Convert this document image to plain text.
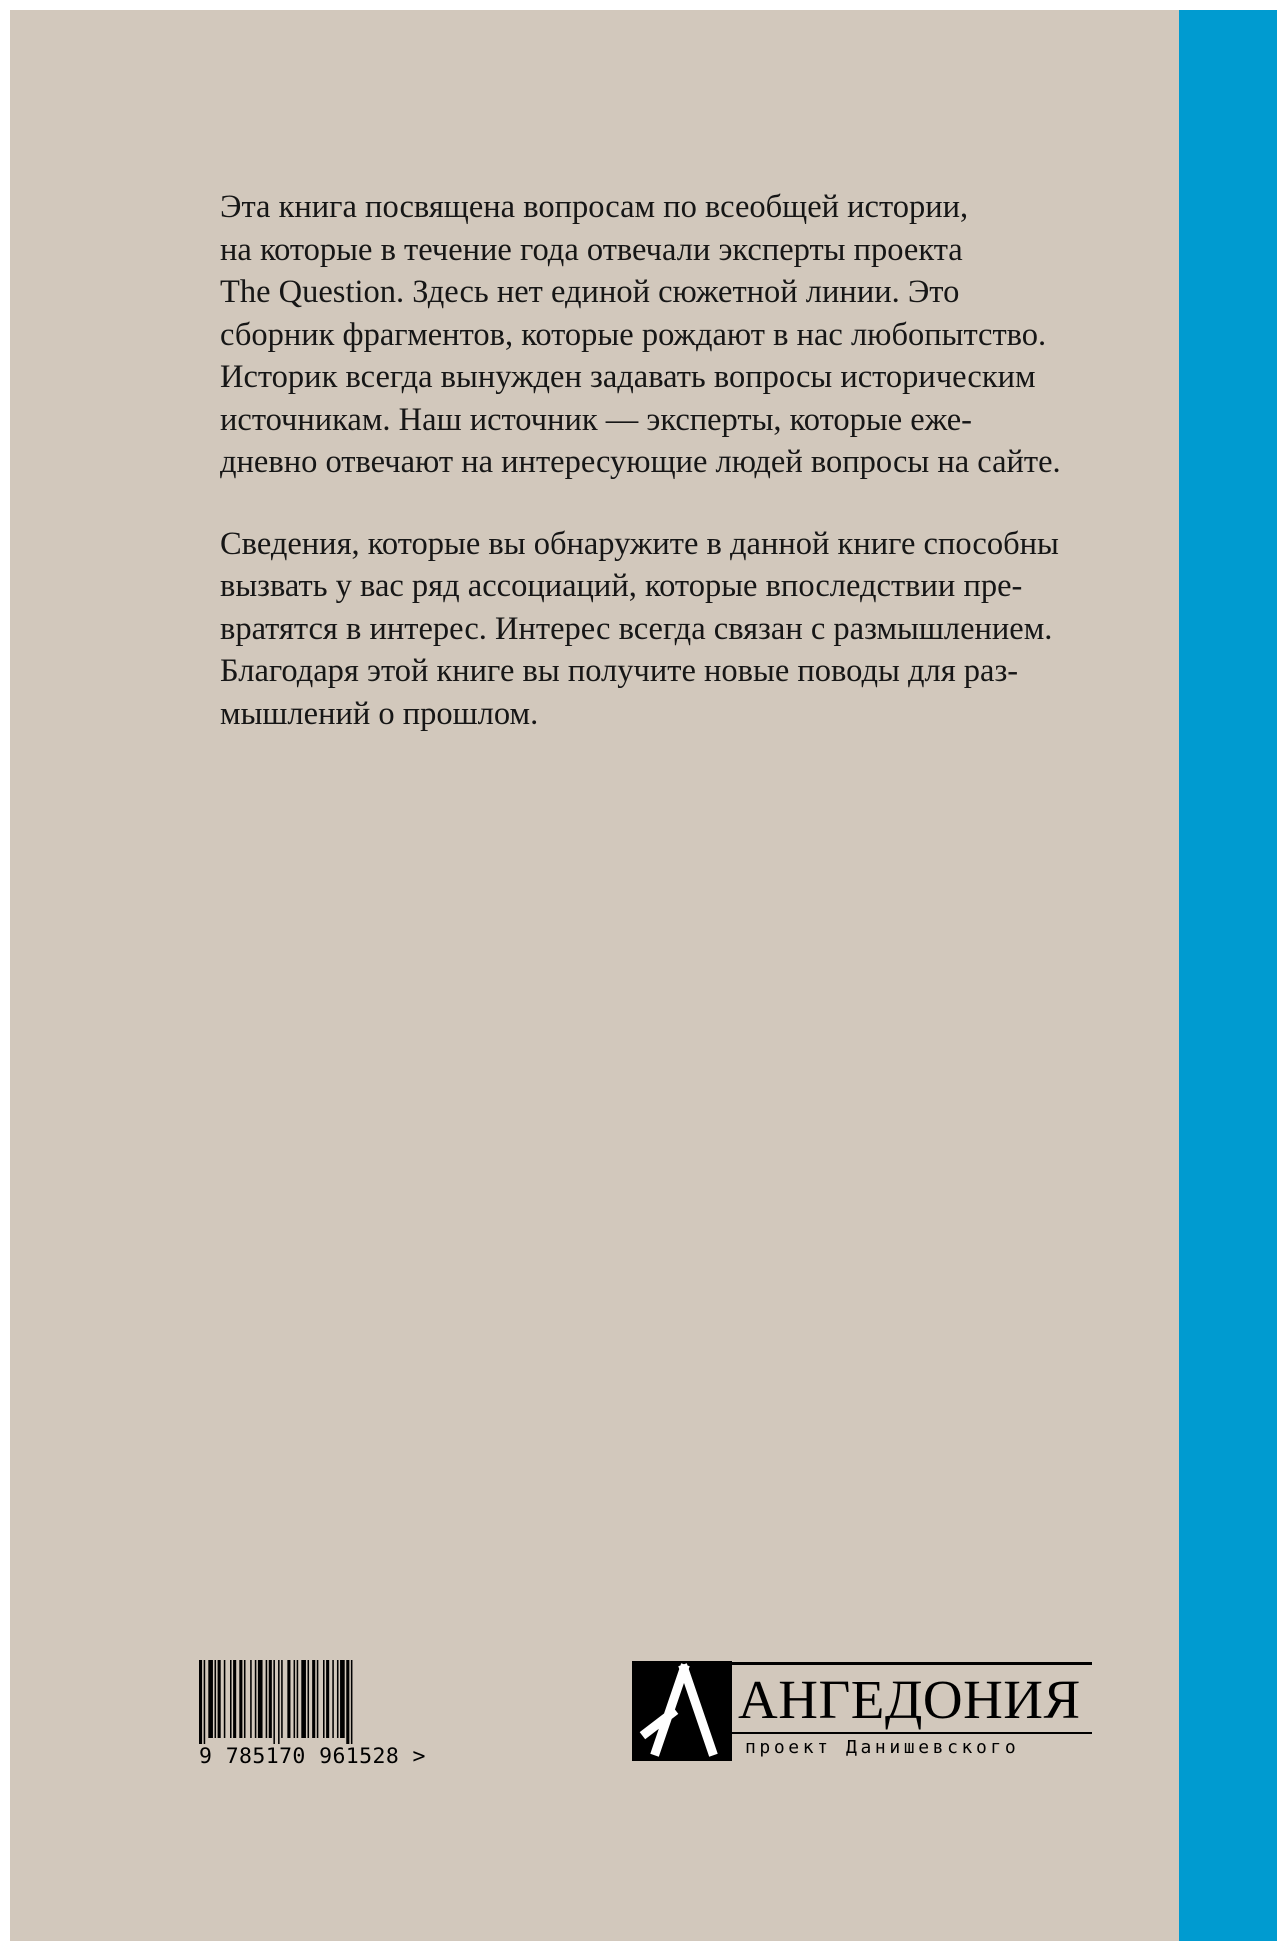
Эта книга посвящена вопросам по всеобщей истории,
на которые в течение года отвечали эксперты проекта
The Question. Здесь нет единой сюжетной линии. Это
сборник фрагментов, которые рождают в нас любопытство.
Историк всегда вынужден задавать вопросы историческим
источникам. Наш источник — эксперты, которые еже-
дневно отвечают на интересующие людей вопросы на сайте.

Сведения, которые вы обнаружите в данной книге способны
вызвать у вас ряд ассоциаций, которые впоследствии пре-
вратятся в интерес. Интерес всегда связан с размышлением.
Благодаря этой книге вы получите новые поводы для раз-
мышлений о прошлом.

9 785170 961528 >
АНГЕДОНИЯ
проект Данишевского
